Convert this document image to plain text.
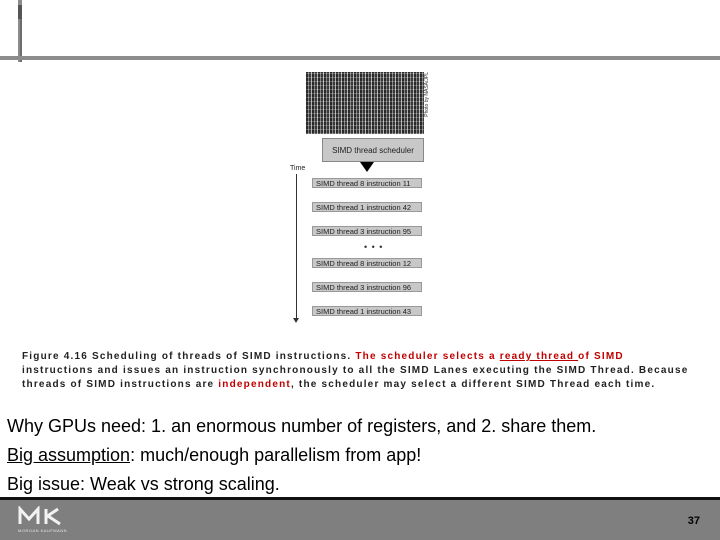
Photo by NASA/JPL
SIMD thread scheduler
Time
SIMD thread 8 instruction 11
SIMD thread 1 instruction 42
SIMD thread 3 instruction 95
• • •
SIMD thread 8 instruction 12
SIMD thread 3 instruction 96
SIMD thread 1 instruction 43
Figure 4.16 Scheduling of threads of SIMD instructions. The scheduler selects a ready thread of SIMD instructions and issues an instruction synchronously to all the SIMD Lanes executing the SIMD Thread. Because threads of SIMD instructions are independent, the scheduler may select a different SIMD Thread each time.
Why GPUs need: 1. an enormous number of registers, and 2. share them.
Big assumption: much/enough parallelism from app!
Big issue: Weak vs strong scaling.
MORGAN KAUFMANN
37
